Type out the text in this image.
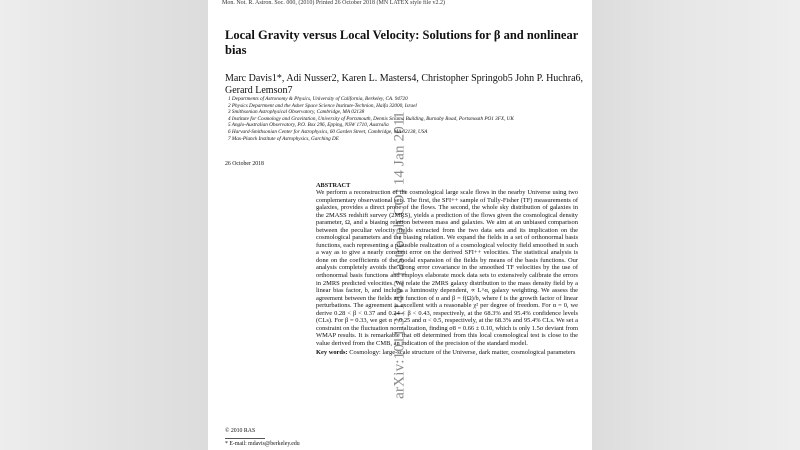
Mon. Not. R. Astron. Soc. 000, (2010) Printed 26 October 2018 (MN LATEX style file v2.2)
arXiv:1011.3114v2 [astro-ph.CO] 14 Jan 2011
Local Gravity versus Local Velocity: Solutions for β and nonlinear bias
Marc Davis1*, Adi Nusser2, Karen L. Masters4, Christopher Springob5 John P. Huchra6, Gerard Lemson7
1 Departments of Astronomy & Physics, University of California, Berkeley, CA. 94720
2 Physics Department and the Asher Space Science Institute-Technion, Haifa 32000, Israel
3 Smithsonian Astrophysical Observatory, Cambridge, MA 02138
4 Institute for Cosmology and Gravitation, University of Portsmouth, Dennis Sciama Building, Burnaby Road, Portsmouth PO1 3FX, UK
5 Anglo-Australian Observatory, P.O. Box 296, Epping, NSW 1710, Australia
6 Harvard-Smithsonian Center for Astrophysics, 60 Garden Street, Cambridge, MA 02138, USA
7 Max-Planck Institute of Astrophysics, Garching DE
26 October 2018
ABSTRACT

We perform a reconstruction of the cosmological large scale flows in the nearby Universe using two complementary observational sets. The first, the SFI++ sample of Tully-Fisher (TF) measurements of galaxies, provides a direct probe of the flows. The second, the whole sky distribution of galaxies in the 2MASS redshift survey (2MRS), yields a prediction of the flows given the cosmological density parameter, Ω, and a biasing relation between mass and galaxies. We aim at an unbiased comparison between the peculiar velocity fields extracted from the two data sets and its implication on the cosmological parameters and the biasing relation. We expand the fields in a set of orthonormal basis functions, each representing a plausible realization of a cosmological velocity field smoothed in such a way as to give a nearly constant error on the derived SFI++ velocities. The statistical analysis is done on the coefficients of the modal expansion of the fields by means of the basis functions. Our analysis completely avoids the strong error covariance in the smoothed TF velocities by the use of orthonormal basis functions and employs elaborate mock data sets to extensively calibrate the errors in 2MRS predicted velocities. We relate the 2MRS galaxy distribution to the mass density field by a linear bias factor, b, and include a luminosity dependent, ∝ L^α, galaxy weighting. We assess the agreement between the fields as a function of α and β = f(Ω)/b, where f is the growth factor of linear perturbations. The agreement is excellent with a reasonable χ² per degree of freedom. For α = 0, we derive 0.28 < β < 0.37 and 0.24 < β < 0.43, respectively, at the 68.3% and 95.4% confidence levels (CLs). For β = 0.33, we get α < 0.25 and α < 0.5, respectively, at the 68.3% and 95.4% CLs. We set a constraint on the fluctuation normalization, finding σ8 = 0.66 ± 0.10, which is only 1.5σ deviant from WMAP results. It is remarkable that σ8 determined from this local cosmological test is close to the value derived from the CMB, an indication of the precision of the standard model.

Key words: Cosmology: large-scale structure of the Universe, dark matter, cosmological parameters
© 2010 RAS
* E-mail: mdavis@berkeley.edu
